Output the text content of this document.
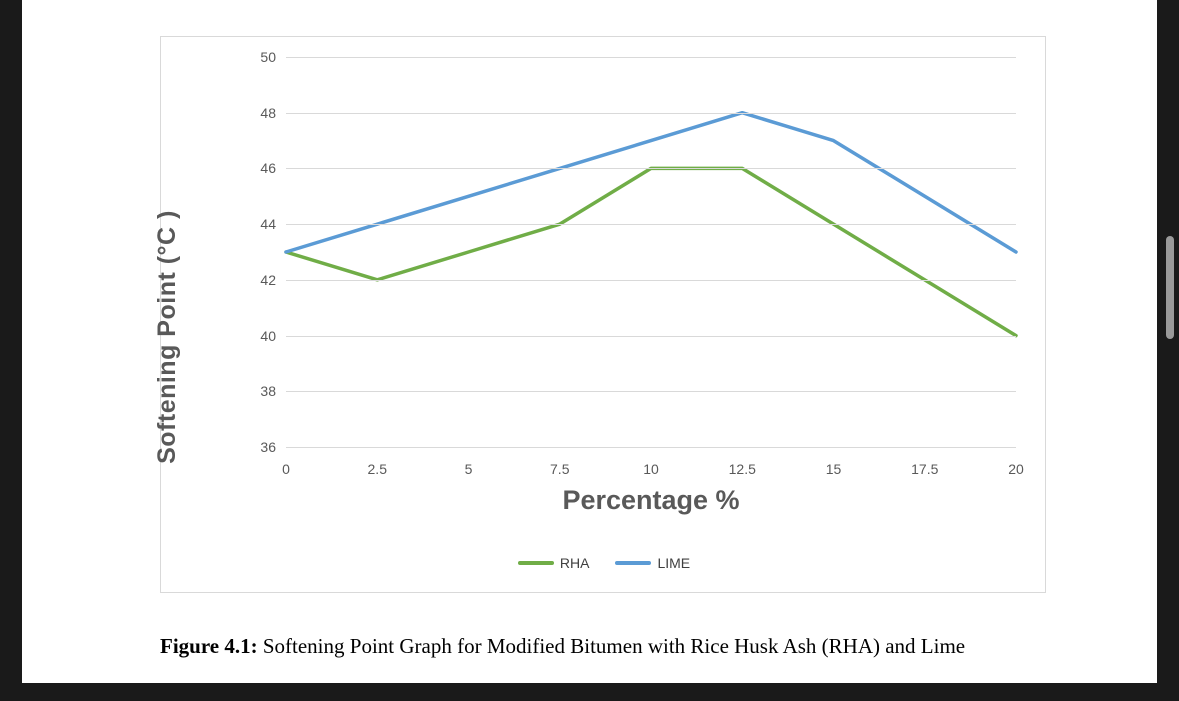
Softening Point (°C )	36
38
40
42
44
46
48
50
0	2.5	5	7.5	10	12.5	15	17.5	20
Percentage %
RHA	LIME
Figure 4.1: Softening Point Graph for Modified Bitumen with Rice Husk Ash (RHA) and Lime
